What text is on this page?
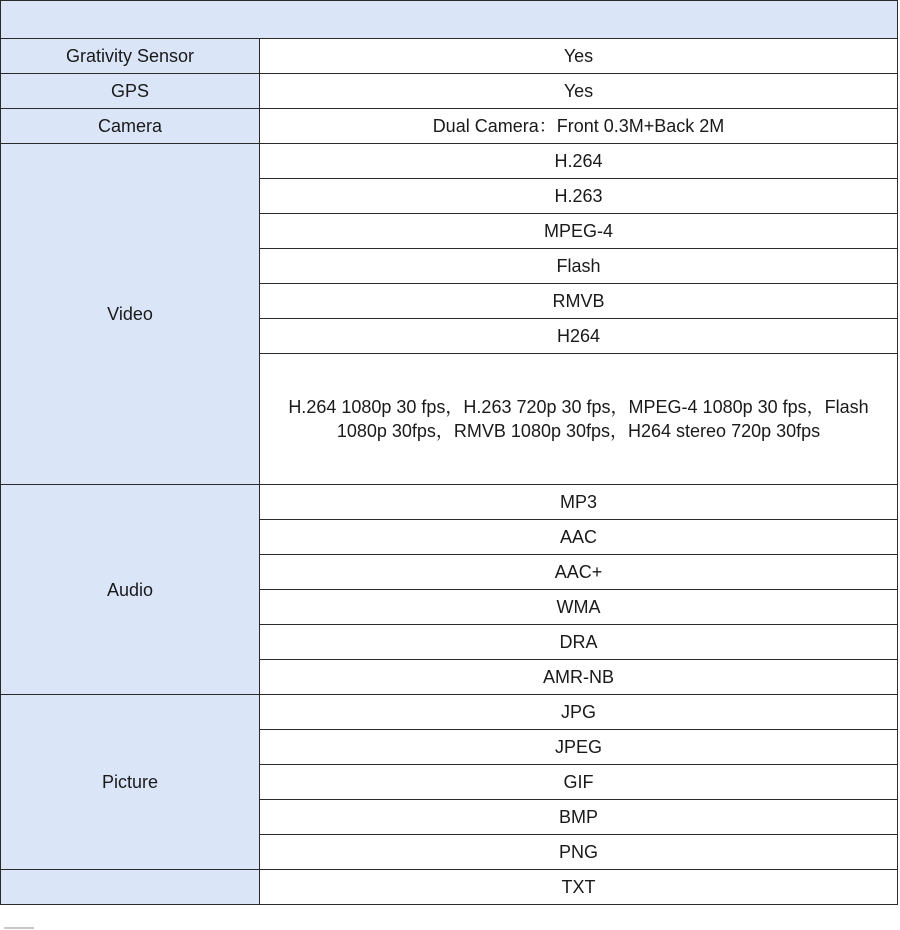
Grativity Sensor	Yes
GPS	Yes
Camera	Dual Camera：Front 0.3M+Back 2M
Video	H.264
	H.263
	MPEG-4
	Flash
	RMVB
	H264
	H.264 1080p 30 fps，H.263 720p 30 fps，MPEG-4 1080p 30 fps，Flash 1080p 30fps，RMVB 1080p 30fps，H264 stereo 720p 30fps
Audio	MP3
	AAC
	AAC+
	WMA
	DRA
	AMR-NB
Picture	JPG
	JPEG
	GIF
	BMP
	PNG
	TXT
